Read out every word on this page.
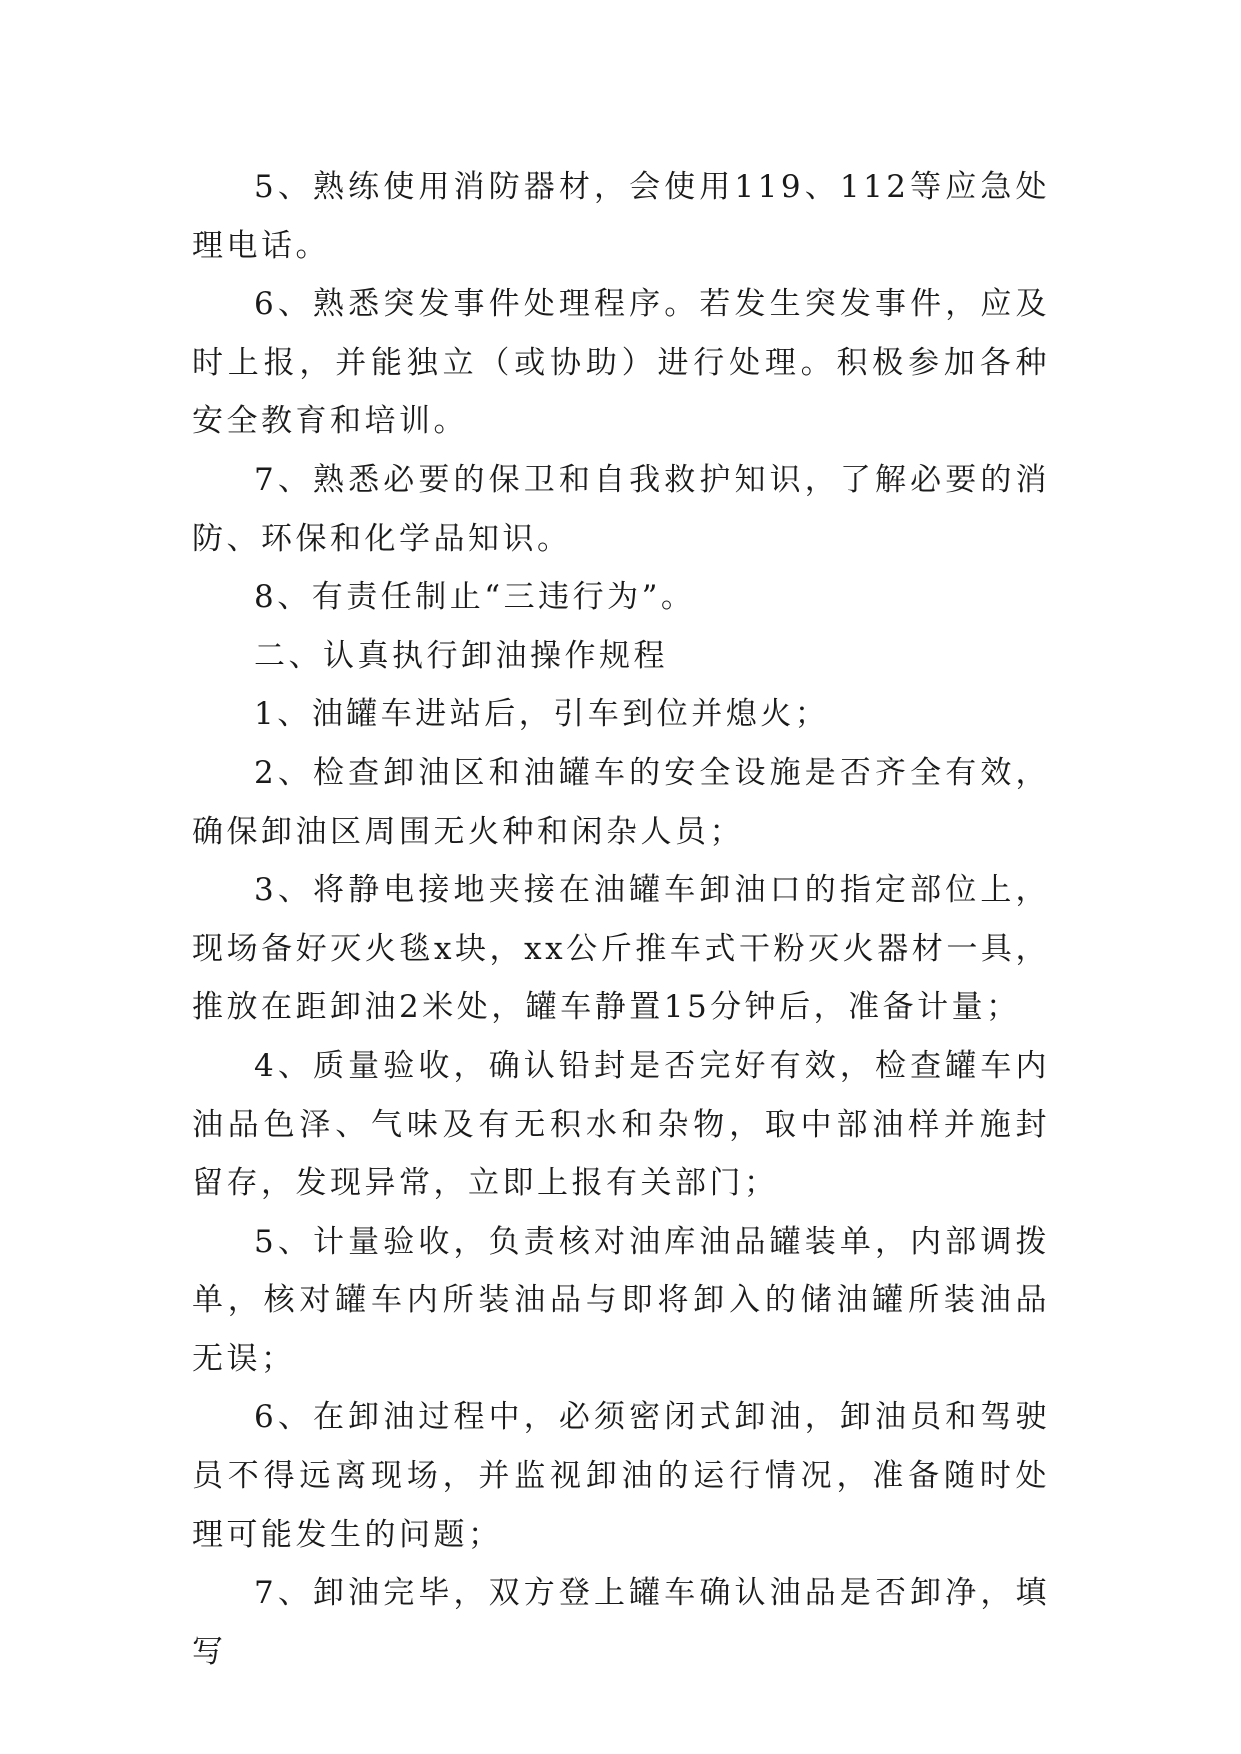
5、熟练使用消防器材，会使用119、112等应急处理电话。

6、熟悉突发事件处理程序。若发生突发事件，应及时上报，并能独立（或协助）进行处理。积极参加各种安全教育和培训。

7、熟悉必要的保卫和自我救护知识，了解必要的消防、环保和化学品知识。

8、有责任制止“三违行为”。

二、认真执行卸油操作规程

1、油罐车进站后，引车到位并熄火；

2、检查卸油区和油罐车的安全设施是否齐全有效，确保卸油区周围无火种和闲杂人员；

3、将静电接地夹接在油罐车卸油口的指定部位上，现场备好灭火毯x块，xx公斤推车式干粉灭火器材一具，推放在距卸油2米处，罐车静置15分钟后，准备计量；

4、质量验收，确认铅封是否完好有效，检查罐车内油品色泽、气味及有无积水和杂物，取中部油样并施封留存，发现异常，立即上报有关部门；

5、计量验收，负责核对油库油品罐装单，内部调拨单，核对罐车内所装油品与即将卸入的储油罐所装油品无误；

6、在卸油过程中，必须密闭式卸油，卸油员和驾驶员不得远离现场，并监视卸油的运行情况，准备随时处理可能发生的问题；

7、卸油完毕，双方登上罐车确认油品是否卸净，填写
